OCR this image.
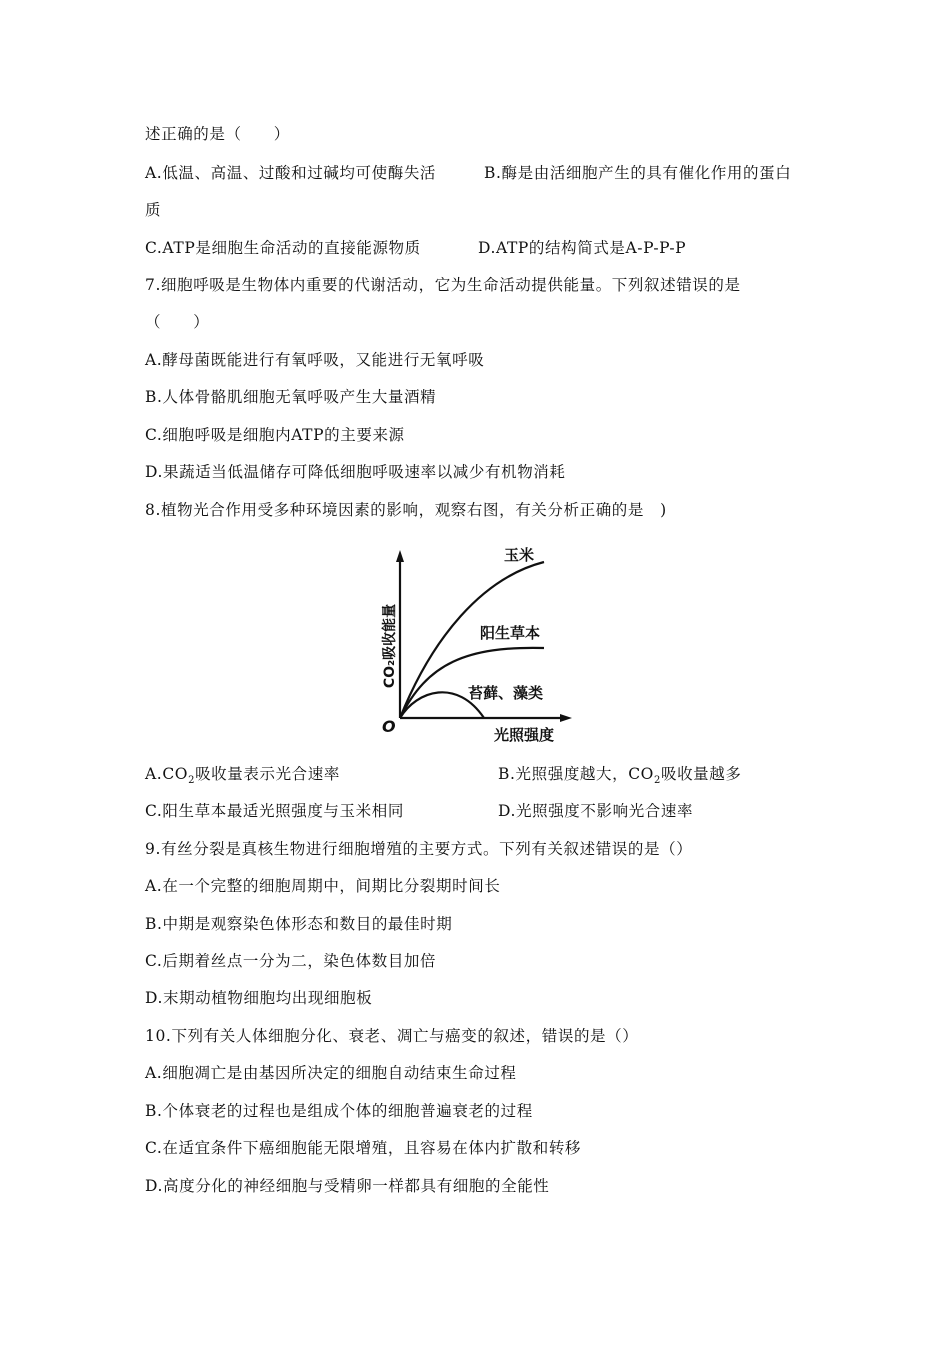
述正确的是（　　）
A.低温、高温、过酸和过碱均可使酶失活	B.酶是由活细胞产生的具有催化作用的蛋白
质
C.ATP是细胞生命活动的直接能源物质	D.ATP的结构简式是A-P-P-P
7.细胞呼吸是生物体内重要的代谢活动，它为生命活动提供能量。下列叙述错误的是
（　　）
A.酵母菌既能进行有氧呼吸，又能进行无氧呼吸
B.人体骨骼肌细胞无氧呼吸产生大量酒精
C.细胞呼吸是细胞内ATP的主要来源
D.果蔬适当低温储存可降低细胞呼吸速率以减少有机物消耗
8.植物光合作用受多种环境因素的影响，观察右图，有关分析正确的是　)
玉米
阳生草本
苔藓、藻类
O	光照强度
CO₂吸收能量
$A.CO_2$吸收量表示光合速率	B.光照强度越大，$CO_2$吸收量越多
C.阳生草本最适光照强度与玉米相同	D.光照强度不影响光合速率
9.有丝分裂是真核生物进行细胞增殖的主要方式。下列有关叙述错误的是（）
A.在一个完整的细胞周期中，间期比分裂期时间长
B.中期是观察染色体形态和数目的最佳时期
C.后期着丝点一分为二，染色体数目加倍
D.末期动植物细胞均出现细胞板
10.下列有关人体细胞分化、衰老、凋亡与癌变的叙述，错误的是（）
A.细胞凋亡是由基因所决定的细胞自动结束生命过程
B.个体衰老的过程也是组成个体的细胞普遍衰老的过程
C.在适宜条件下癌细胞能无限增殖，且容易在体内扩散和转移
D.高度分化的神经细胞与受精卵一样都具有细胞的全能性
